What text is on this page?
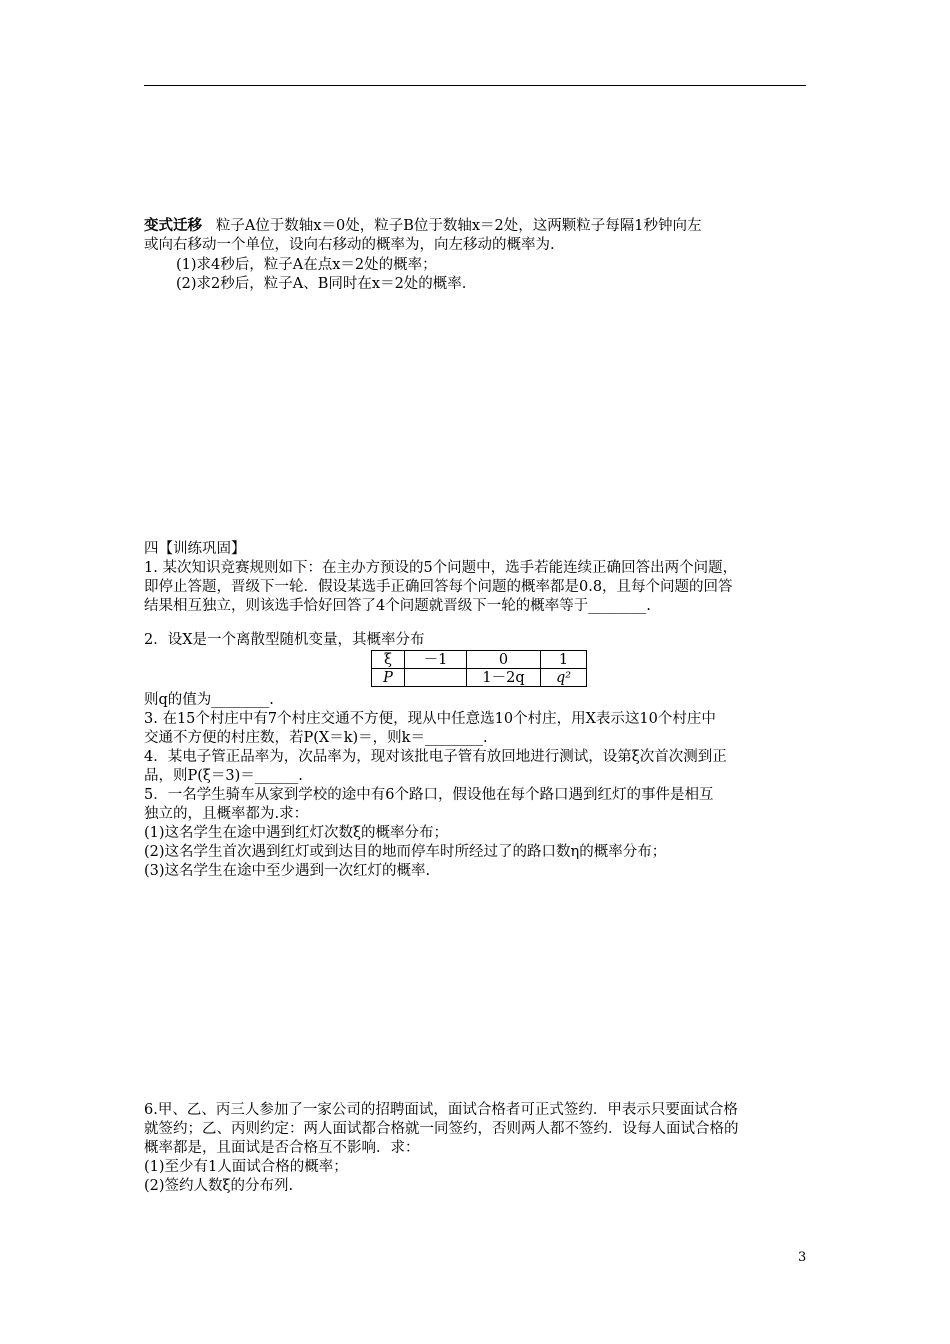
变式迁移 粒子A位于数轴x＝0处，粒子B位于数轴x＝2处，这两颗粒子每隔1秒钟向左
或向右移动一个单位，设向右移动的概率为，向左移动的概率为.
(1)求4秒后，粒子A在点x＝2处的概率；
(2)求2秒后，粒子A、B同时在x＝2处的概率.
四【训练巩固】
1. 某次知识竞赛规则如下：在主办方预设的5个问题中，选手若能连续正确回答出两个问题，
即停止答题，晋级下一轮．假设某选手正确回答每个问题的概率都是0.8，且每个问题的回答
结果相互独立，则该选手恰好回答了4个问题就晋级下一轮的概率等于________.
2．设X是一个离散型随机变量，其概率分布
ξ	－1	0	1
P		1－2q	q²
则q的值为________.
3. 在15个村庄中有7个村庄交通不方便，现从中任意选10个村庄，用X表示这10个村庄中
交通不方便的村庄数，若P(X＝k)＝，则k＝________.
4．某电子管正品率为，次品率为，现对该批电子管有放回地进行测试，设第ξ次首次测到正
品，则P(ξ＝3)＝______.
5．一名学生骑车从家到学校的途中有6个路口，假设他在每个路口遇到红灯的事件是相互
独立的，且概率都为.求：
(1)这名学生在途中遇到红灯次数ξ的概率分布；
(2)这名学生首次遇到红灯或到达目的地而停车时所经过了的路口数η的概率分布；
(3)这名学生在途中至少遇到一次红灯的概率.
6.甲、乙、丙三人参加了一家公司的招聘面试，面试合格者可正式签约．甲表示只要面试合格
就签约；乙、丙则约定：两人面试都合格就一同签约，否则两人都不签约．设每人面试合格的
概率都是，且面试是否合格互不影响．求：
(1)至少有1人面试合格的概率；
(2)签约人数ξ的分布列.
3
